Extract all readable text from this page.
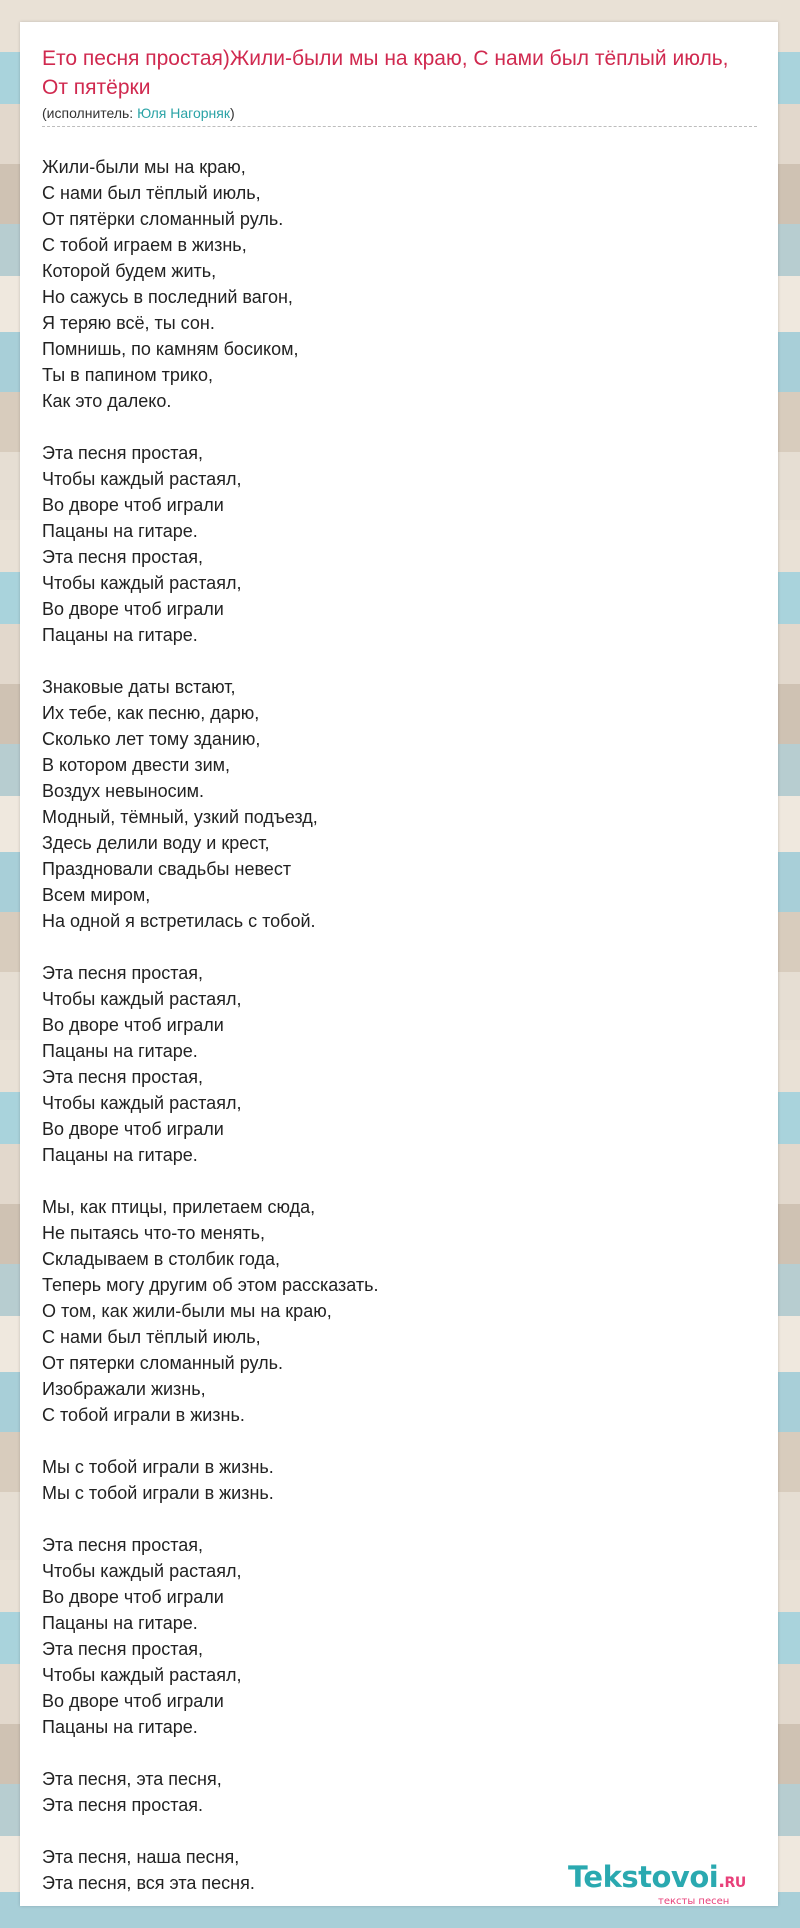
Ето песня простая)Жили-были мы на краю, С нами был тёплый июль, От пятёрки
(исполнитель: Юля Нагорняк)
Жили-были мы на краю,
С нами был тёплый июль,
От пятёрки сломанный руль.
С тобой играем в жизнь,
Которой будем жить,
Но сажусь в последний вагон,
Я теряю всё, ты сон.
Помнишь, по камням босиком,
Ты в папином трико,
Как это далеко.
Эта песня простая,
Чтобы каждый растаял,
Во дворе чтоб играли
Пацаны на гитаре.
Эта песня простая,
Чтобы каждый растаял,
Во дворе чтоб играли
Пацаны на гитаре.
Знаковые даты встают,
Их тебе, как песню, дарю,
Сколько лет тому зданию,
В котором двести зим,
Воздух невыносим.
Модный, тёмный, узкий подъезд,
Здесь делили воду и крест,
Праздновали свадьбы невест
Всем миром,
На одной я встретилась с тобой.
Эта песня простая,
Чтобы каждый растаял,
Во дворе чтоб играли
Пацаны на гитаре.
Эта песня простая,
Чтобы каждый растаял,
Во дворе чтоб играли
Пацаны на гитаре.
Мы, как птицы, прилетаем сюда,
Не пытаясь что-то менять,
Складываем в столбик года,
Теперь могу другим об этом рассказать.
О том, как жили-были мы на краю,
С нами был тёплый июль,
От пятерки сломанный руль.
Изображали жизнь,
С тобой играли в жизнь.
Мы с тобой играли в жизнь.
Мы с тобой играли в жизнь.
Эта песня простая,
Чтобы каждый растаял,
Во дворе чтоб играли
Пацаны на гитаре.
Эта песня простая,
Чтобы каждый растаял,
Во дворе чтоб играли
Пацаны на гитаре.
Эта песня, эта песня,
Эта песня простая.
Эта песня, наша песня,
Эта песня, вся эта песня.	Tekstovoi.RU
тексты песен
